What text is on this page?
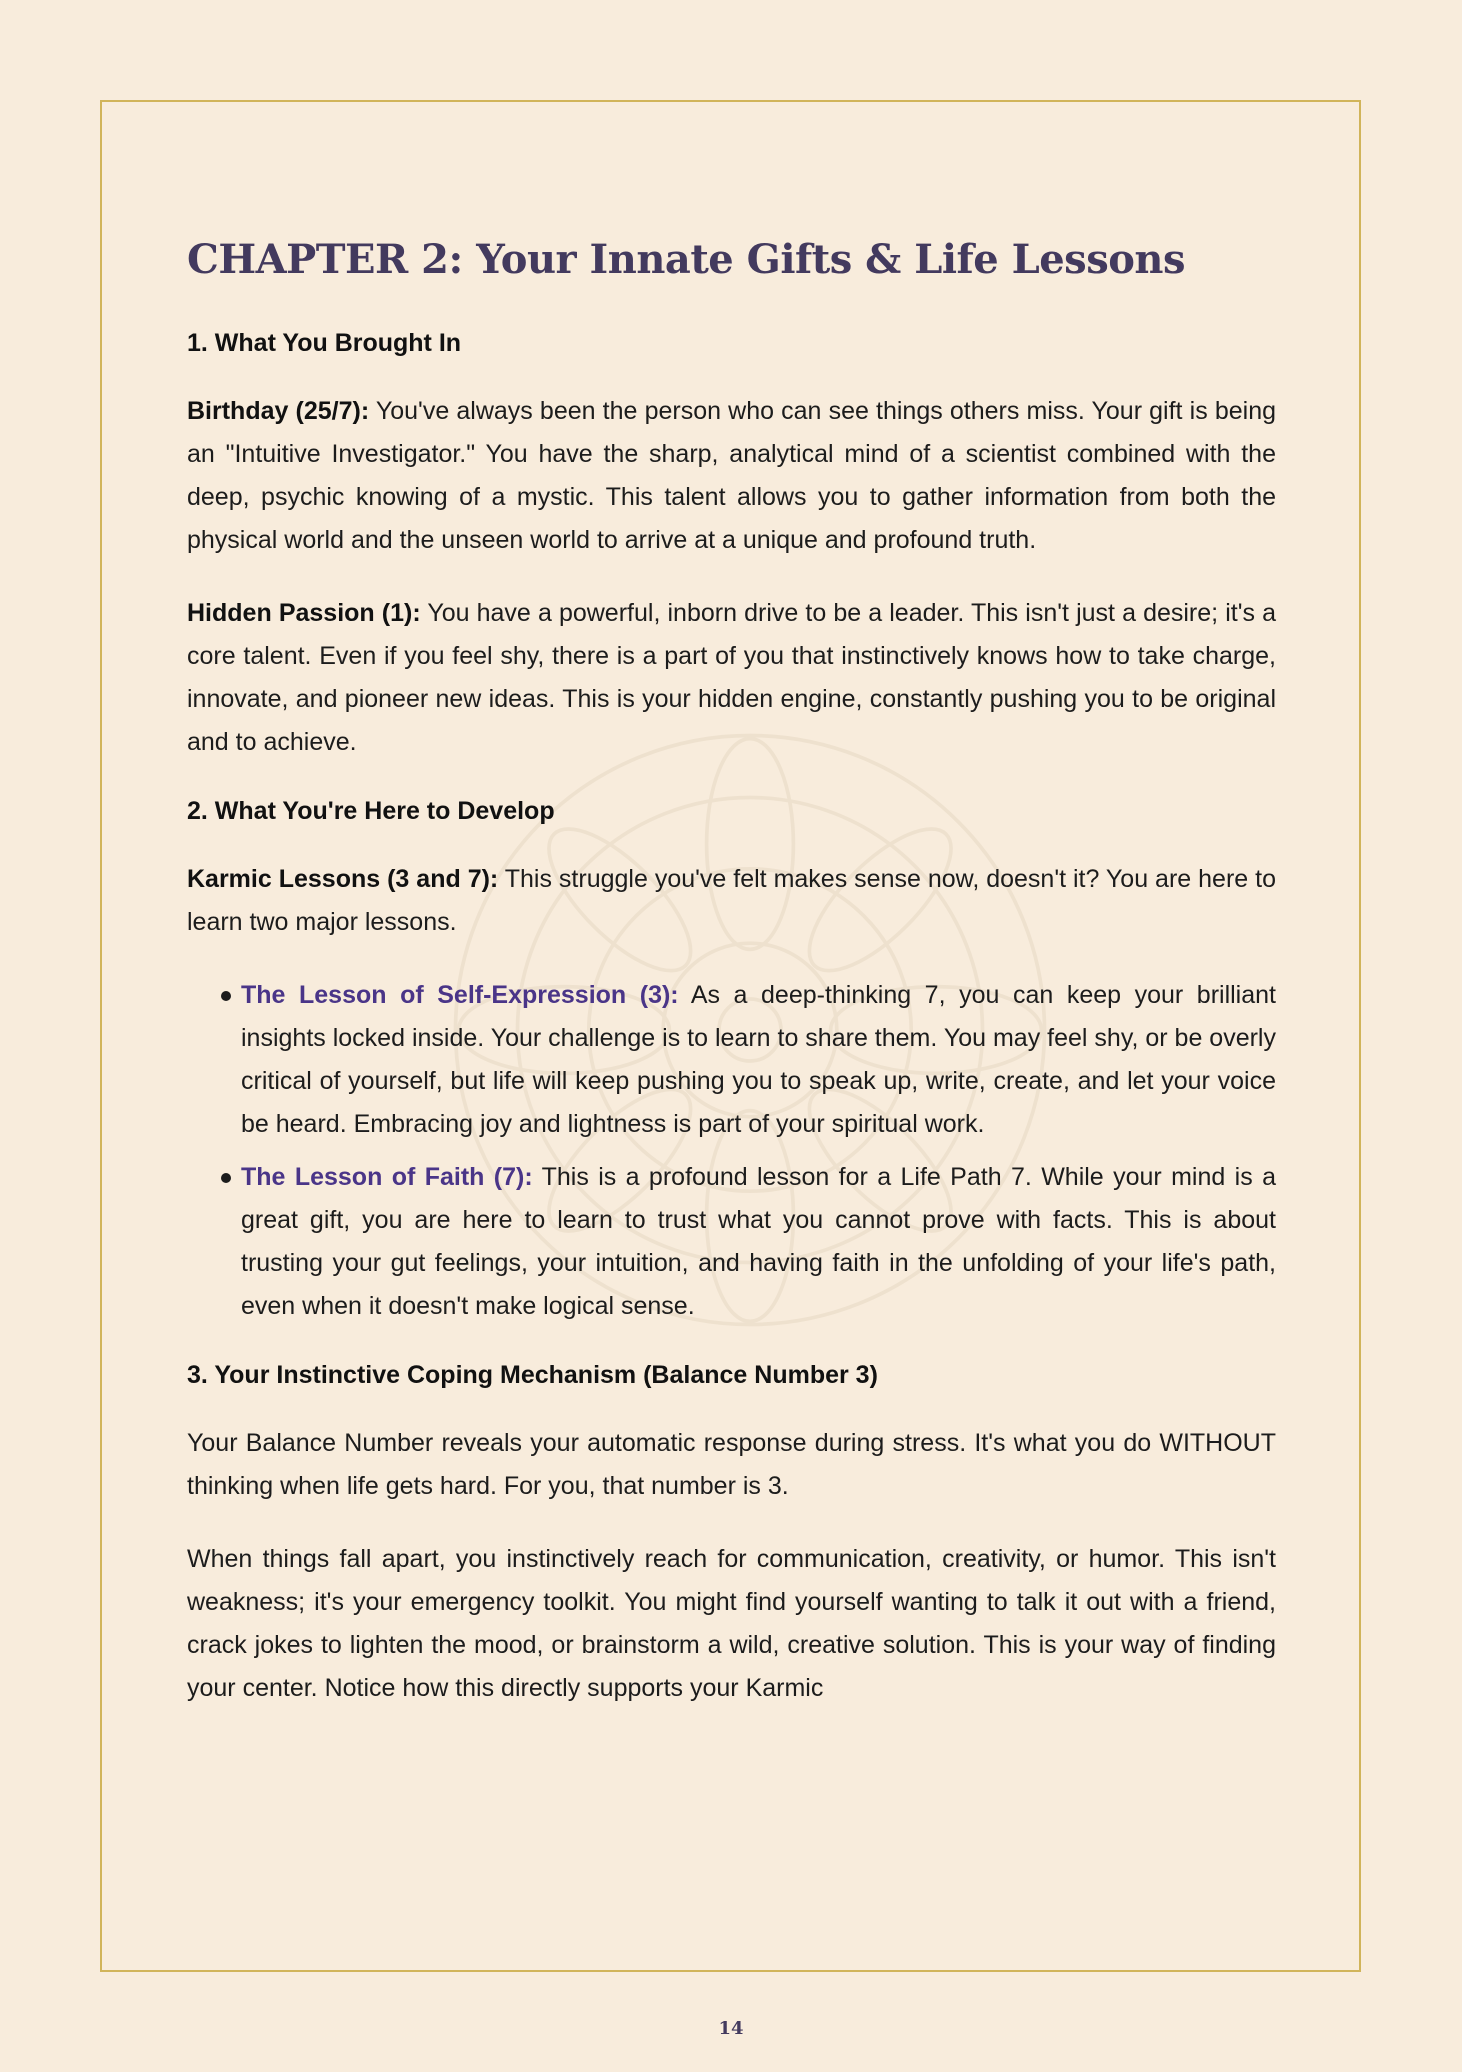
CHAPTER 2: Your Innate Gifts & Life Lessons
1. What You Brought In

Birthday (25/7): You've always been the person who can see things others miss. Your gift is being an "Intuitive Investigator." You have the sharp, analytical mind of a scientist combined with the deep, psychic knowing of a mystic. This talent allows you to gather information from both the physical world and the unseen world to arrive at a unique and profound truth.

Hidden Passion (1): You have a powerful, inborn drive to be a leader. This isn't just a desire; it's a core talent. Even if you feel shy, there is a part of you that instinctively knows how to take charge, innovate, and pioneer new ideas. This is your hidden engine, constantly pushing you to be original and to achieve.

2. What You're Here to Develop

Karmic Lessons (3 and 7): This struggle you've felt makes sense now, doesn't it? You are here to learn two major lessons.

The Lesson of Self-Expression (3): As a deep-thinking 7, you can keep your brilliant insights locked inside. Your challenge is to learn to share them. You may feel shy, or be overly critical of yourself, but life will keep pushing you to speak up, write, create, and let your voice be heard. Embracing joy and lightness is part of your spiritual work.
The Lesson of Faith (7): This is a profound lesson for a Life Path 7. While your mind is a great gift, you are here to learn to trust what you cannot prove with facts. This is about trusting your gut feelings, your intuition, and having faith in the unfolding of your life's path, even when it doesn't make logical sense.
3. Your Instinctive Coping Mechanism (Balance Number 3)

Your Balance Number reveals your automatic response during stress. It's what you do WITHOUT thinking when life gets hard. For you, that number is 3.

When things fall apart, you instinctively reach for communication, creativity, or humor. This isn't weakness; it's your emergency toolkit. You might find yourself wanting to talk it out with a friend, crack jokes to lighten the mood, or brainstorm a wild, creative solution. This is your way of finding your center. Notice how this directly supports your Karmic

14
